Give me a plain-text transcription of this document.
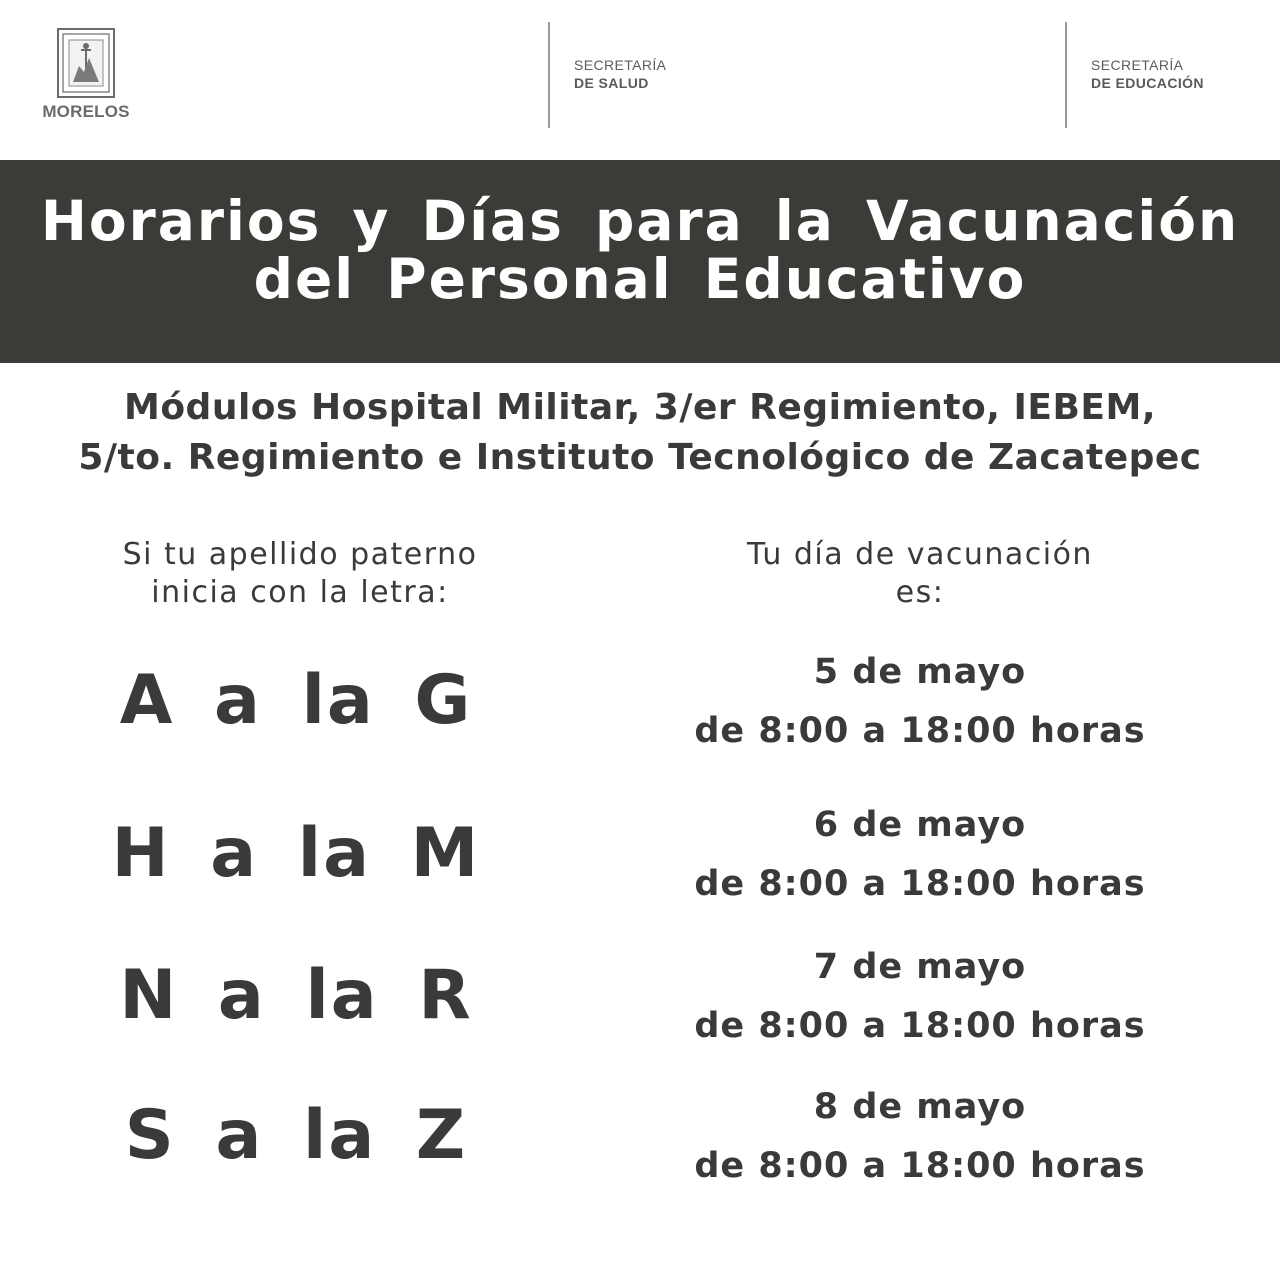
MORELOS
SECRETARÍA
DE SALUD
SECRETARÍA
DE EDUCACIÓN
Horarios y Días para la Vacunación
del Personal Educativo
Módulos Hospital Militar, 3/er Regimiento, IEBEM,
5/to. Regimiento e Instituto Tecnológico de Zacatepec
Si tu apellido paterno
inicia con la letra:
Tu día de vacunación
es:
A a la G	5 de mayo
de 8:00 a 18:00 horas
H a la M	6 de mayo
de 8:00 a 18:00 horas
N a la R	7 de mayo
de 8:00 a 18:00 horas
S a la Z	8 de mayo
de 8:00 a 18:00 horas
